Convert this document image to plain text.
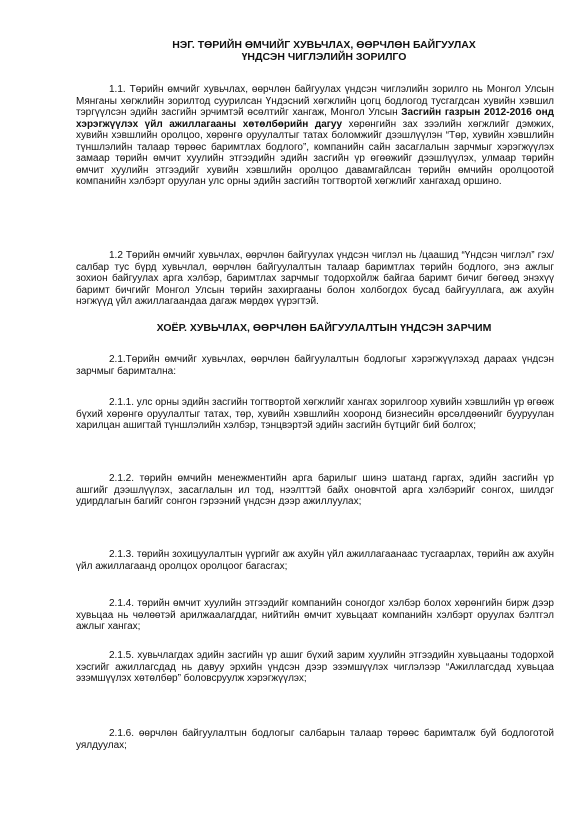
НЭГ. ТӨРИЙН ӨМЧИЙГ ХУВЬЧЛАХ, ӨӨРЧЛӨН БАЙГУУЛАХ
ҮНДСЭН ЧИГЛЭЛИЙН ЗОРИЛГО

1.1. Төрийн өмчийг хувьчлах, өөрчлөн байгуулах үндсэн чиглэлийн зорилго нь Монгол Улсын Мянганы хөгжлийн зорилтод суурилсан Үндэсний хөгжлийн цогц бодлогод тусгагдсан хувийн хэвшил тэргүүлсэн эдийн засгийн эрчимтэй өсөлтийг хангаж, Монгол Улсын Засгийн газрын 2012-2016 онд хэрэгжүүлэх үйл ажиллагааны хөтөлбөрийн дагуу хөрөнгийн зах зээлийн хөгжлийг дэмжих, хувийн хэвшлийн оролцоо, хөрөнгө оруулалтыг татах боломжийг дээшлүүлэн “Төр, хувийн хэвшлийн түншлэлийн талаар төрөөс баримтлах бодлого”, компанийн сайн засаглалын зарчмыг хэрэгжүүлэх замаар төрийн өмчит хуулийн этгээдийн эдийн засгийн үр өгөөжийг дээшлүүлэх, улмаар төрийн өмчит хуулийн этгээдийг хувийн хэвшлийн оролцоо давамгайлсан төрийн өмчийн оролцоотой компанийн хэлбэрт оруулан улс орны эдийн засгийн тогтвортой хөгжлийг хангахад оршино.

1.2 Төрийн өмчийг хувьчлах, өөрчлөн байгуулах үндсэн чиглэл нь /цаашид “Үндсэн чиглэл” гэх/ салбар тус бүрд хувьчлал, өөрчлөн байгуулалтын талаар баримтлах төрийн бодлого, энэ ажлыг зохион байгуулах арга хэлбэр, баримтлах зарчмыг тодорхойлж байгаа баримт бичиг бөгөөд энэхүү баримт бичгийг Монгол Улсын төрийн захиргааны болон холбогдох бусад байгууллага, аж ахуйн нэгжүүд үйл ажиллагаандаа дагаж мөрдөх үүрэгтэй.

ХОЁР. ХУВЬЧЛАХ, ӨӨРЧЛӨН БАЙГУУЛАЛТЫН ҮНДСЭН ЗАРЧИМ

2.1.Төрийн өмчийг хувьчлах, өөрчлөн байгуулалтын бодлогыг хэрэгжүүлэхэд дараах үндсэн зарчмыг баримтална:

2.1.1. улс орны эдийн засгийн тогтвортой хөгжлийг хангах зорилгоор хувийн хэвшлийн үр өгөөж бүхий хөрөнгө оруулалтыг татах, төр, хувийн хэвшлийн хооронд бизнесийн өрсөлдөөнийг бууруулан харилцан ашигтай түншлэлийн хэлбэр, тэнцвэртэй эдийн засгийн бүтцийг бий болгох;

2.1.2. төрийн өмчийн менежментийн арга барилыг шинэ шатанд гаргах, эдийн засгийн үр ашгийг дээшлүүлэх, засаглалын ил тод, нээлттэй байх оновчтой арга хэлбэрийг сонгох, шилдэг удирдлагын багийг сонгон гэрээний үндсэн дээр ажиллуулах;

2.1.3. төрийн зохицуулалтын үүргийг аж ахуйн үйл ажиллагаанаас тусгаарлах, төрийн аж ахуйн үйл ажиллагаанд оролцох оролцоог багасгах;

2.1.4. төрийн өмчит хуулийн этгээдийг компанийн соногдог хэлбэр болох хөрөнгийн бирж дээр хувьцаа нь чөлөөтэй арилжаалагддаг, нийтийн өмчит хувьцаат компанийн хэлбэрт оруулах бэлтгэл ажлыг хангах;

2.1.5. хувьчлагдах эдийн засгийн үр ашиг бүхий зарим хуулийн этгээдийн хувьцааны тодорхой хэсгийг ажиллагсдад нь давуу эрхийн үндсэн дээр эзэмшүүлэх чиглэлээр “Ажиллагсдад хувьцаа эзэмшүүлэх хөтөлбөр” боловсруулж хэрэгжүүлэх;

2.1.6. өөрчлөн байгуулалтын бодлогыг салбарын талаар төрөөс баримталж буй бодлоготой уялдуулах;
